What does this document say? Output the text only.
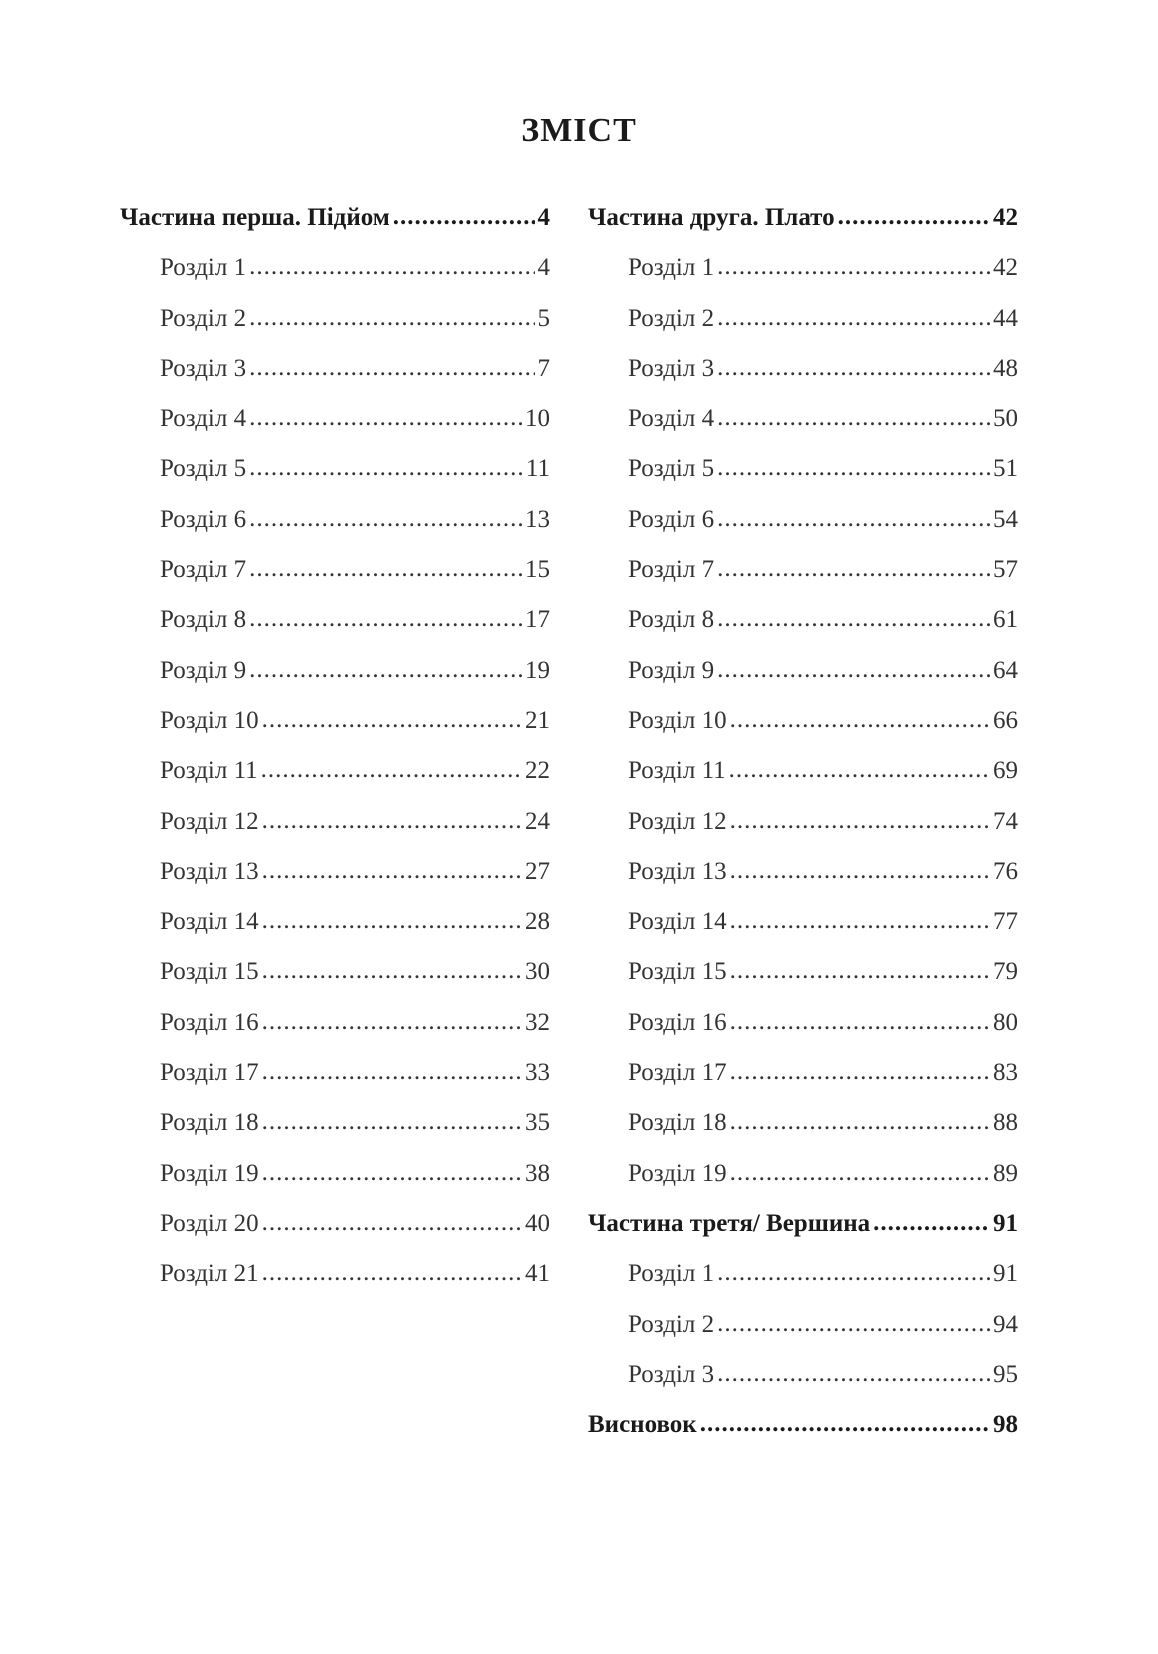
ЗМІСТ
Частина перша. Підйом .....	4
Розділ 1 .....	4
Розділ 2 .....	5
Розділ 3 .....	7
Розділ 4 .....	10
Розділ 5 .....	11
Розділ 6 .....	13
Розділ 7 .....	15
Розділ 8 .....	17
Розділ 9 .....	19
Розділ 10 .....	21
Розділ 11 .....	22
Розділ 12 .....	24
Розділ 13 .....	27
Розділ 14 .....	28
Розділ 15 .....	30
Розділ 16 .....	32
Розділ 17 .....	33
Розділ 18 .....	35
Розділ 19 .....	38
Розділ 20 .....	40
Розділ 21 .....	41
Частина друга. Плато .....	42
Розділ 1 .....	42
Розділ 2 .....	44
Розділ 3 .....	48
Розділ 4 .....	50
Розділ 5 .....	51
Розділ 6 .....	54
Розділ 7 .....	57
Розділ 8 .....	61
Розділ 9 .....	64
Розділ 10 .....	66
Розділ 11 .....	69
Розділ 12 .....	74
Розділ 13 .....	76
Розділ 14 .....	77
Розділ 15 .....	79
Розділ 16 .....	80
Розділ 17 .....	83
Розділ 18 .....	88
Розділ 19 .....	89
Частина третя/ Вершина .....	91
Розділ 1 .....	91
Розділ 2 .....	94
Розділ 3 .....	95
Висновок .....	98
